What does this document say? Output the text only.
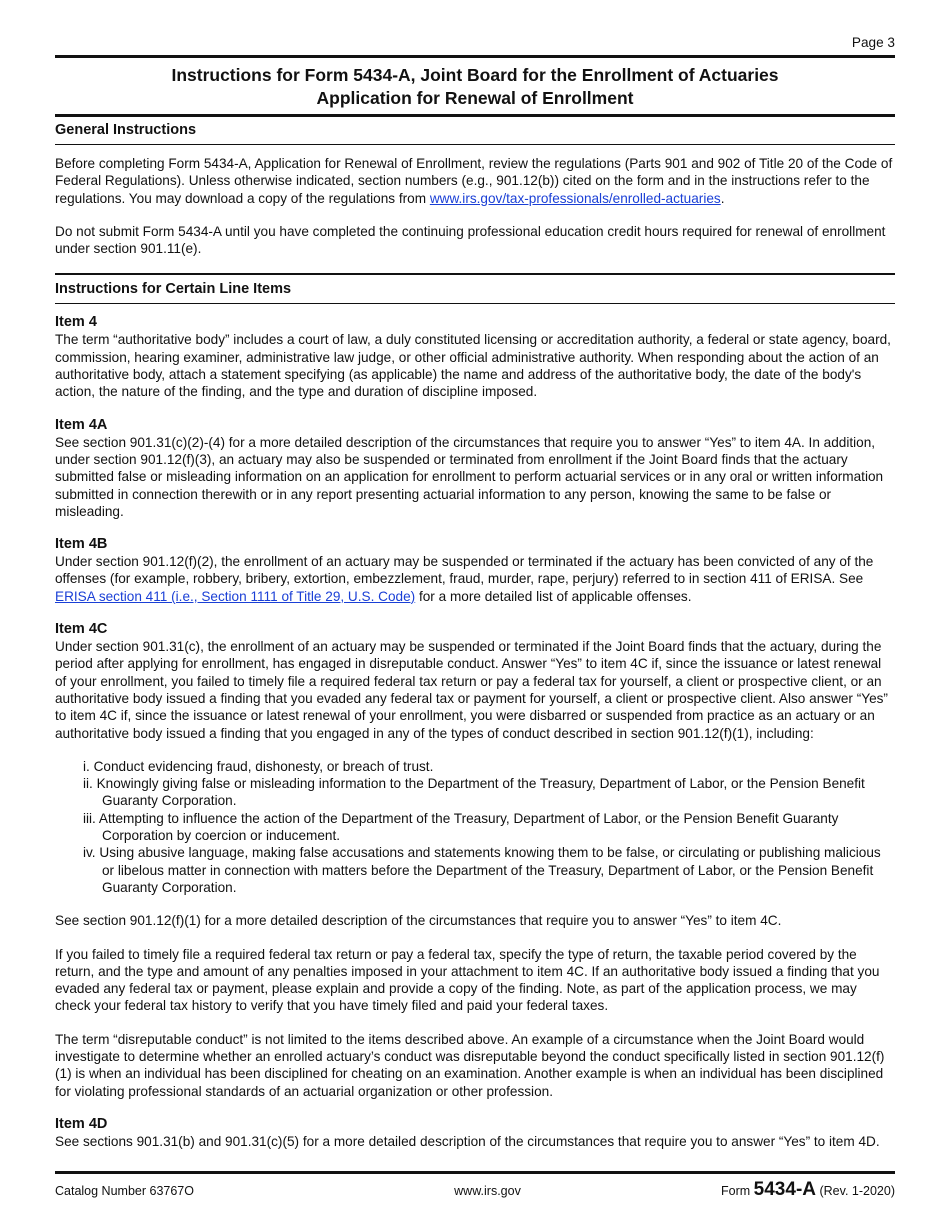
Page 3
Instructions for Form 5434-A, Joint Board for the Enrollment of Actuaries
Application for Renewal of Enrollment
General Instructions

Before completing Form 5434-A, Application for Renewal of Enrollment, review the regulations (Parts 901 and 902 of Title 20 of the Code of Federal Regulations). Unless otherwise indicated, section numbers (e.g., 901.12(b)) cited on the form and in the instructions refer to the regulations. You may download a copy of the regulations from www.irs.gov/tax-professionals/enrolled-actuaries.

Do not submit Form 5434-A until you have completed the continuing professional education credit hours required for renewal of enrollment under section 901.11(e).

Instructions for Certain Line Items
Item 4

The term “authoritative body” includes a court of law, a duly constituted licensing or accreditation authority, a federal or state agency, board, commission, hearing examiner, administrative law judge, or other official administrative authority. When responding about the action of an authoritative body, attach a statement specifying (as applicable) the name and address of the authoritative body, the date of the body's action, the nature of the finding, and the type and duration of discipline imposed.

Item 4A

See section 901.31(c)(2)-(4) for a more detailed description of the circumstances that require you to answer “Yes” to item 4A. In addition, under section 901.12(f)(3), an actuary may also be suspended or terminated from enrollment if the Joint Board finds that the actuary submitted false or misleading information on an application for enrollment to perform actuarial services or in any oral or written information submitted in connection therewith or in any report presenting actuarial information to any person, knowing the same to be false or misleading.

Item 4B

Under section 901.12(f)(2), the enrollment of an actuary may be suspended or terminated if the actuary has been convicted of any of the offenses (for example, robbery, bribery, extortion, embezzlement, fraud, murder, rape, perjury) referred to in section 411 of ERISA. See ERISA section 411 (i.e., Section 1111 of Title 29, U.S. Code) for a more detailed list of applicable offenses.

Item 4C

Under section 901.31(c), the enrollment of an actuary may be suspended or terminated if the Joint Board finds that the actuary, during the period after applying for enrollment, has engaged in disreputable conduct. Answer “Yes” to item 4C if, since the issuance or latest renewal of your enrollment, you failed to timely file a required federal tax return or pay a federal tax for yourself, a client or prospective client, or an authoritative body issued a finding that you evaded any federal tax or payment for yourself, a client or prospective client. Also answer “Yes” to item 4C if, since the issuance or latest renewal of your enrollment, you were disbarred or suspended from practice as an actuary or an authoritative body issued a finding that you engaged in any of the types of conduct described in section 901.12(f)(1), including:

i. Conduct evidencing fraud, dishonesty, or breach of trust.
ii. Knowingly giving false or misleading information to the Department of the Treasury, Department of Labor, or the Pension Benefit Guaranty Corporation.
iii. Attempting to influence the action of the Department of the Treasury, Department of Labor, or the Pension Benefit Guaranty Corporation by coercion or inducement.
iv. Using abusive language, making false accusations and statements knowing them to be false, or circulating or publishing malicious or libelous matter in connection with matters before the Department of the Treasury, Department of Labor, or the Pension Benefit Guaranty Corporation.

See section 901.12(f)(1) for a more detailed description of the circumstances that require you to answer “Yes” to item 4C.

If you failed to timely file a required federal tax return or pay a federal tax, specify the type of return, the taxable period covered by the return, and the type and amount of any penalties imposed in your attachment to item 4C. If an authoritative body issued a finding that you evaded any federal tax or payment, please explain and provide a copy of the finding. Note, as part of the application process, we may check your federal tax history to verify that you have timely filed and paid your federal taxes.

The term “disreputable conduct” is not limited to the items described above. An example of a circumstance when the Joint Board would investigate to determine whether an enrolled actuary’s conduct was disreputable beyond the conduct specifically listed in section 901.12(f)(1) is when an individual has been disciplined for cheating on an examination. Another example is when an individual has been disciplined for violating professional standards of an actuarial organization or other profession.

Item 4D

See sections 901.31(b) and 901.31(c)(5) for a more detailed description of the circumstances that require you to answer “Yes” to item 4D.

Catalog Number 63767O	www.irs.gov	Form 5434-A (Rev. 1-2020)
